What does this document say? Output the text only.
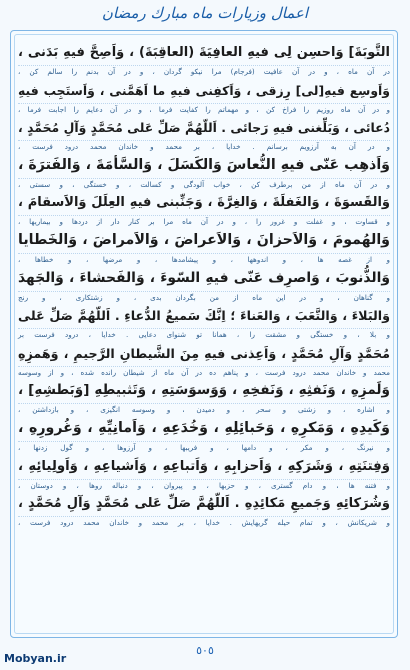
اعمال وزيارات ماه مبارك رمضان
التَّوبَةَ] وَاحسِن لِى فيهِ العافِيَةَ (العاقِبَةَ) ، وَاَصِحَّ فيهِ بَدَنى ،
در آن ماه ، و در آن عافيت (فرجام) مرا نيكو گردان ، و در آن بدنم را سالم كن ،
وَاَوسِع فيهِ[لى] رِزقى ، وَاَكفِنى فيهِ ما اَهَمَّنى ، وَاَستَجِب فيهِ
و در آن ماه روزيم را فراخ كن ، و مهماتم را كفايت فرما ، و در آن دعايم را اجابت فرما ،
دُعائى ، وَبَلِّغنى فيهِ رَجائى . اَللّهُمَّ صَلِّ عَلى مُحَمَّدٍ وَآلِ مُحَمَّدٍ ،
و در آن به آرزويم برسانم . خدايا ، بر محمد و خاندان محمد درود فرست ،
وَاَذهِب عَنّى فيهِ النُّعاسَ وَالكَسَلَ ، وَالسَّأمَةَ ، وَالفَترَةَ ،
و در آن ماه از من برطرف كن ، خواب آلودگى و كسالت ، و خستگى ، و سستى ،
وَالقَسوَةَ ، وَالغَفلَةَ ، وَالغِرَّةَ ، وَجَنِّبنى فيهِ العِلَلَ وَالاَسقامَ ،
و قساوت ، و غفلت و غرور را ، و در آن ماه مرا بر كنار دار از دردها و بيماريها ،
وَالهُمومَ ، وَالاَحزانَ ، وَالاَعراضَ ، وَالاَمراضَ ، وَالخَطايا
و از غصه ها ، و اندوهها ، و پيشامدها ، و مرضها ، و خطاها ،
وَالذُّنوبَ ، وَاصرِف عَنّى فيهِ السّوءَ ، وَالفَحشاءَ ، وَالجَهدَ
و گناهان ، و در اين ماه از من بگردان بدى ، و زشتكارى ، و رنج
وَالبَلاءَ ، وَالتَّعَبَ ، وَالعَناءَ ؛ اِنَّكَ سَميعُ الدُّعاءِ . اَللّهُمَّ صَلِّ عَلى
و بلا ، و خستگى و مشقت را ، همانا تو شنواى دعايى . خدايا ، درود فرست بر
مُحَمَّدٍ وَآلِ مُحَمَّدٍ ، وَاَعِذنى فيهِ مِنَ الشَّيطانِ الرَّجيمِ ، وَهَمزِهِ
محمد و خاندان محمد درود فرست ، و پناهم ده در آن ماه از شيطان رانده شده ، و از وسوسه
وَلَمزِهِ ، وَنَفثِهِ ، وَنَفخِهِ ، وَوَسوَسَتِهِ ، وَتَثبيطِهِ [وَبَطشِهِ] ،
و اشاره ، و زشتى و سحر ، و دميدن ، و وسوسه انگيزى ، و بازداشتن ،
وَكَيدِهِ ، وَمَكرِهِ ، وَحَبائِلِهِ ، وَخُدَعِهِ ، وَاَمانِيِّهِ ، وَغُرورِهِ ،
و نيرنگ ، و مكر ، و دامها ، و فريبها ، و آرزوها ، و گول زدنها ،
وَفِتنَتِهِ ، وَشَرَكِهِ ، وَاَحزابِهِ ، وَاَتباعِهِ ، وَاَشياعِهِ ، وَاَولِيائِهِ ،
و فتنه ها ، و دام گسترى ، و حزبها ، و پيروان ، و دنباله روها ، و دوستان ،
وَشُرَكائِهِ وَجَميعِ مَكائِدِهِ . اَللّهُمَّ صَلِّ عَلى مُحَمَّدٍ وَآلِ مُحَمَّدٍ ،
و شريكانش ، و تمام حيله گريهايش . خدايا ، بر محمد و خاندان محمد درود فرست ،
٥٠٥
Mobyan.ir
